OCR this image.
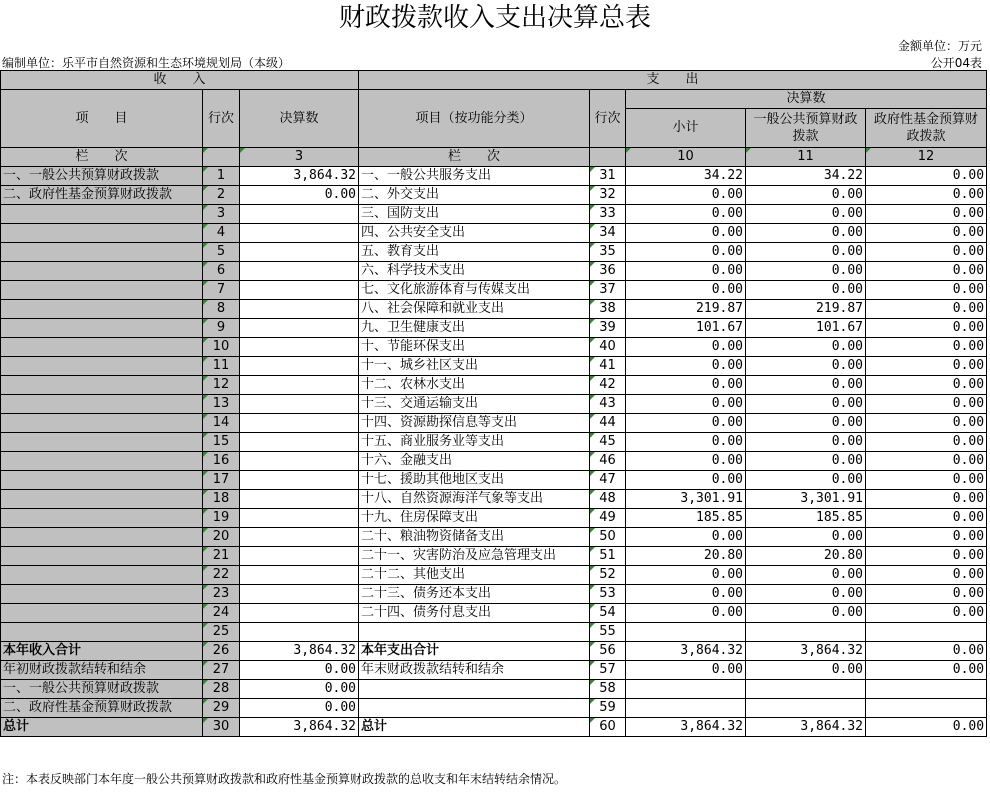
财政拨款收入支出决算总表
金额单位：万元
编制单位：乐平市自然资源和生态环境规划局（本级）	公开04表
收　　入			支　　出				
项　　目	行次	决算数	项目（按功能分类）	行次	决算数		
					小计	一般公共预算财政拨款	政府性基金预算财政拨款
栏　　次		3	栏　　次		10	11	12
一、一般公共预算财政拨款	1	3,864.32	一、一般公共服务支出	31	34.22	34.22	0.00
二、政府性基金预算财政拨款	2	0.00	二、外交支出	32	0.00	0.00	0.00
	3		三、国防支出	33	0.00	0.00	0.00
	4		四、公共安全支出	34	0.00	0.00	0.00
	5		五、教育支出	35	0.00	0.00	0.00
	6		六、科学技术支出	36	0.00	0.00	0.00
	7		七、文化旅游体育与传媒支出	37	0.00	0.00	0.00
	8		八、社会保障和就业支出	38	219.87	219.87	0.00
	9		九、卫生健康支出	39	101.67	101.67	0.00
	10		十、节能环保支出	40	0.00	0.00	0.00
	11		十一、城乡社区支出	41	0.00	0.00	0.00
	12		十二、农林水支出	42	0.00	0.00	0.00
	13		十三、交通运输支出	43	0.00	0.00	0.00
	14		十四、资源勘探信息等支出	44	0.00	0.00	0.00
	15		十五、商业服务业等支出	45	0.00	0.00	0.00
	16		十六、金融支出	46	0.00	0.00	0.00
	17		十七、援助其他地区支出	47	0.00	0.00	0.00
	18		十八、自然资源海洋气象等支出	48	3,301.91	3,301.91	0.00
	19		十九、住房保障支出	49	185.85	185.85	0.00
	20		二十、粮油物资储备支出	50	0.00	0.00	0.00
	21		二十一、灾害防治及应急管理支出	51	20.80	20.80	0.00
	22		二十二、其他支出	52	0.00	0.00	0.00
	23		二十三、债务还本支出	53	0.00	0.00	0.00
	24		二十四、债务付息支出	54	0.00	0.00	0.00
	25			55			
本年收入合计	26	3,864.32	本年支出合计	56	3,864.32	3,864.32	0.00
年初财政拨款结转和结余	27	0.00	年末财政拨款结转和结余	57	0.00	0.00	0.00
一、一般公共预算财政拨款	28	0.00		58			
二、政府性基金预算财政拨款	29	0.00		59			
总计	30	3,864.32	总计	60	3,864.32	3,864.32	0.00
注：本表反映部门本年度一般公共预算财政拨款和政府性基金预算财政拨款的总收支和年末结转结余情况。
